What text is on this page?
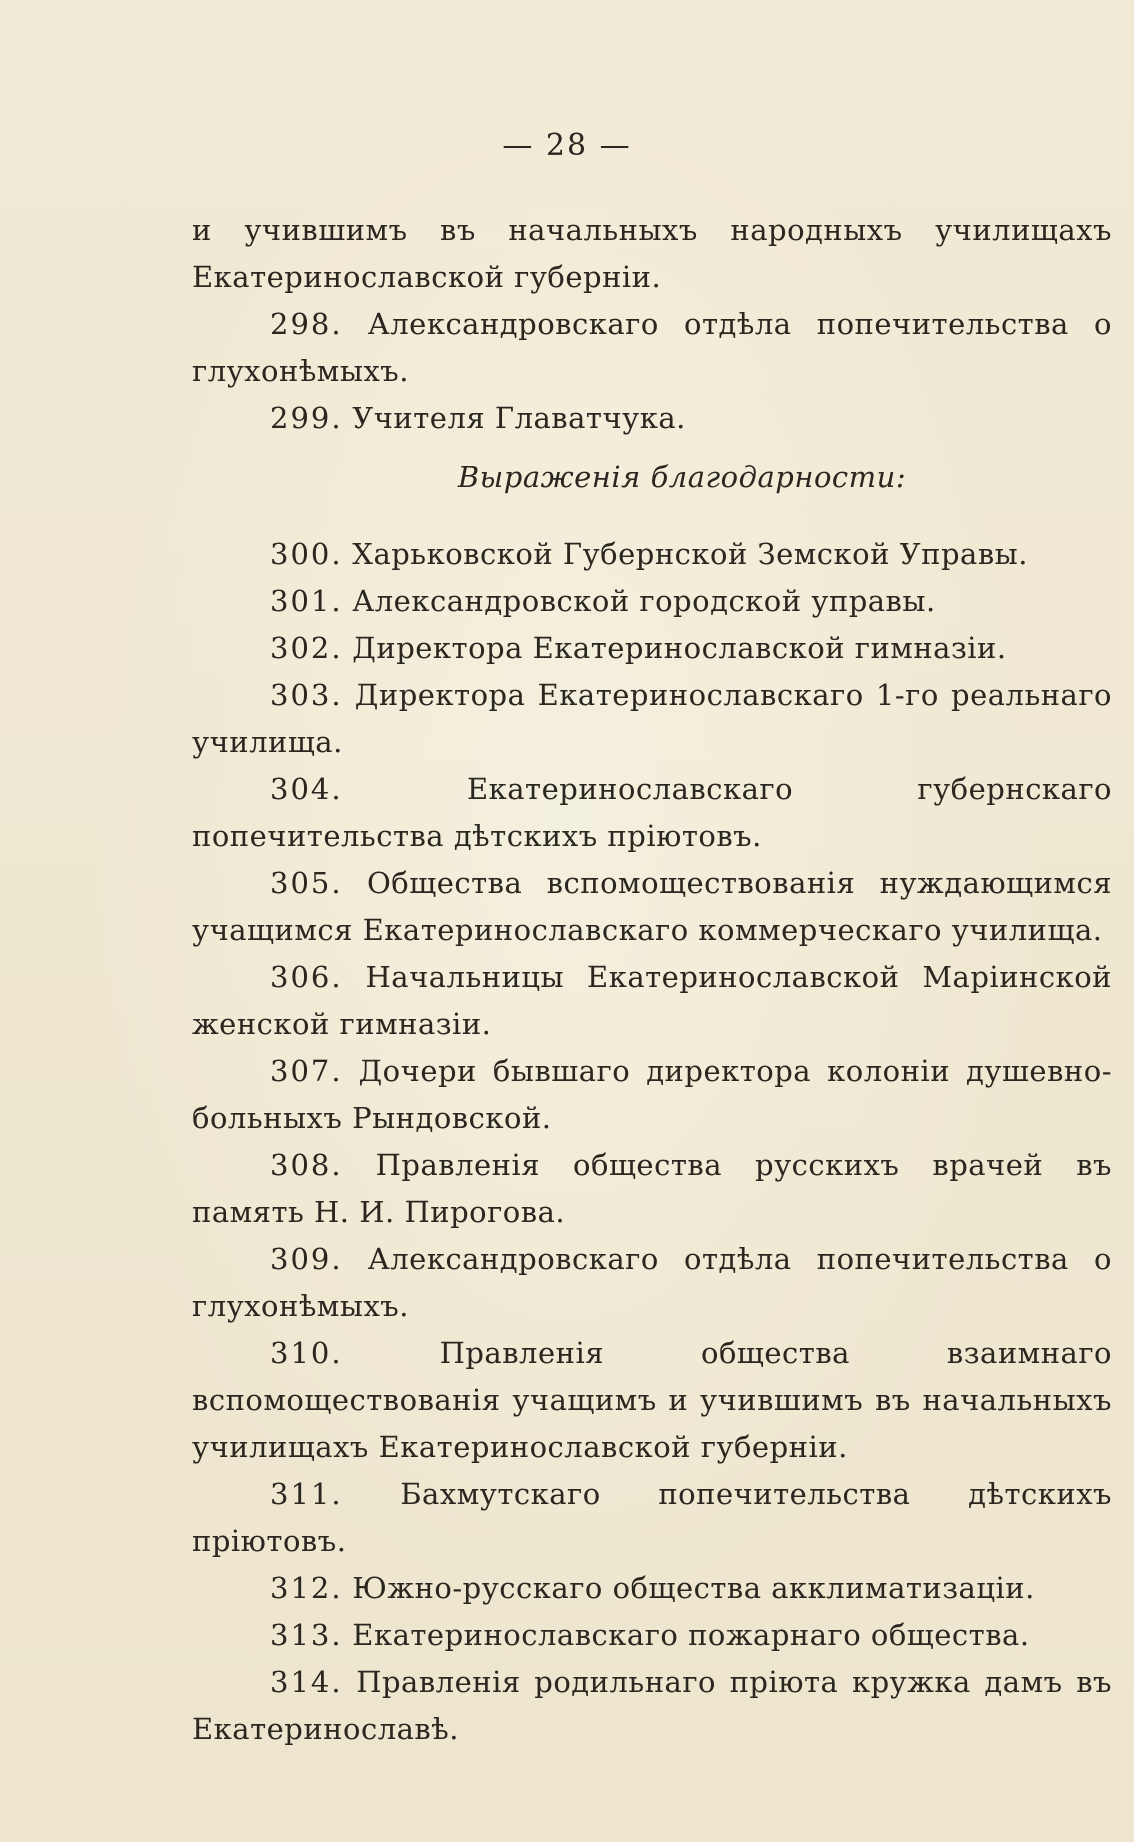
— 28 —

и учившимъ въ начальныхъ народныхъ училищахъ Екатеринославской губерніи.

298. Александровскаго отдѣла попечительства о глухонѣмыхъ.

299. Учителя Главатчука.

Выраженія благодарности:

300. Харьковской Губернской Земской Управы.

301. Александровской городской управы.

302. Директора Екатеринославской гимназіи.

303. Директора Екатеринославскаго 1-го реальнаго училища.

304.	Екатеринославскаго губернскаго попечительства дѣтскихъ пріютовъ.

305. Общества вспомоществованія нуждающимся учащимся Екатеринославскаго коммерческаго училища.

306. Начальницы Екатеринославской Маріинской женской гимназіи.

307. Дочери бывшаго директора колоніи душевно-больныхъ Рындовской.

308. Правленія общества русскихъ врачей въ память Н. И. Пирогова.

309. Александровскаго отдѣла попечительства о глухонѣмыхъ.

310.	Правленія общества взаимнаго вспомоществованія учащимъ и учившимъ въ начальныхъ училищахъ Екатеринославской губерніи.

311. Бахмутскаго попечительства дѣтскихъ пріютовъ.

312. Южно-русскаго общества акклиматизаціи.

313. Екатеринославскаго пожарнаго общества.

314. Правленія родильнаго пріюта кружка дамъ въ Екатеринославѣ.
